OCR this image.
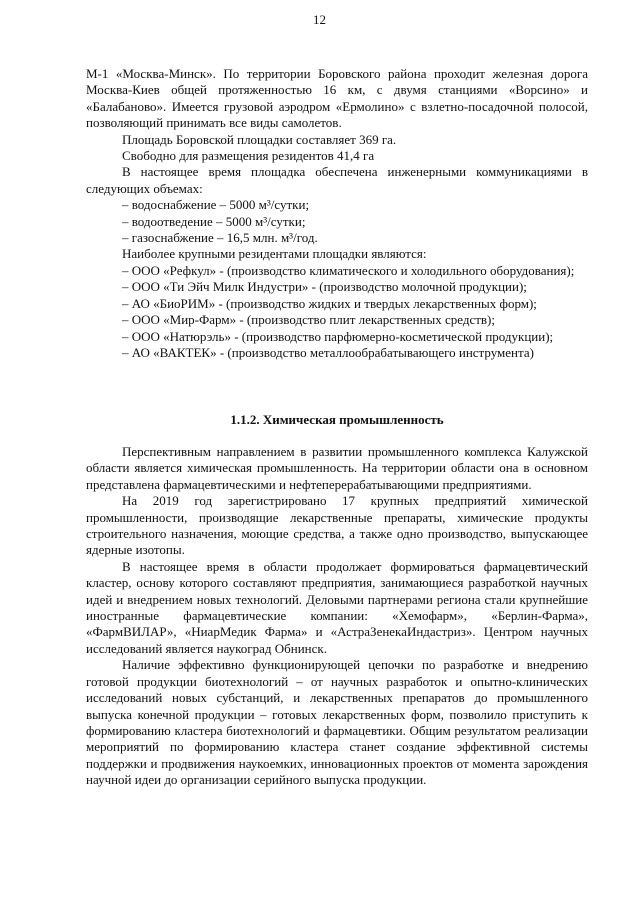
12

М-1 «Москва-Минск». По территории Боровского района проходит железная дорога Москва-Киев общей протяженностью 16 км, с двумя станциями «Ворсино» и «Балабаново». Имеется грузовой аэродром «Ермолино» с взлетно-посадочной полосой, позволяющий принимать все виды самолетов.

Площадь Боровской площадки составляет 369 га.

Свободно для размещения резидентов 41,4 га

В настоящее время площадка обеспечена инженерными коммуникациями в следующих объемах:

– водоснабжение – 5000 м³/сутки;

– водоотведение – 5000 м³/сутки;

– газоснабжение – 16,5 млн. м³/год.

Наиболее крупными резидентами площадки являются:

– ООО «Рефкул» - (производство климатического и холодильного оборудования);

– ООО «Ти Эйч Милк Индустри» - (производство молочной продукции);

– АО «БиоРИМ» - (производство жидких и твердых лекарственных форм);

– ООО «Мир-Фарм» - (производство плит лекарственных средств);

– ООО «Натюрэль» - (производство парфюмерно-косметической продукции);

– АО «ВАКТЕК» - (производство металлообрабатывающего инструмента)

1.1.2. Химическая промышленность

Перспективным направлением в развитии промышленного комплекса Калужской области является химическая промышленность. На территории области она в основном представлена фармацевтическими и нефтеперерабатывающими предприятиями.

На 2019 год зарегистрировано 17 крупных предприятий химической промышленности, производящие лекарственные препараты, химические продукты строительного назначения, моющие средства, а также одно производство, выпускающее ядерные изотопы.

В настоящее время в области продолжает формироваться фармацевтический кластер, основу которого составляют предприятия, занимающиеся разработкой научных идей и внедрением новых технологий. Деловыми партнерами региона стали крупнейшие иностранные фармацевтические компании: «Хемофарм», «Берлин-Фарма», «ФармВИЛАР», «НиарМедик Фарма» и «АстраЗенекаИндастриз». Центром научных исследований является наукоград Обнинск.

Наличие эффективно функционирующей цепочки по разработке и внедрению готовой продукции биотехнологий – от научных разработок и опытно-клинических исследований новых субстанций, и лекарственных препаратов до промышленного выпуска конечной продукции – готовых лекарственных форм, позволило приступить к формированию кластера биотехнологий и фармацевтики. Общим результатом реализации мероприятий по формированию кластера станет создание эффективной системы поддержки и продвижения наукоемких, инновационных проектов от момента зарождения научной идеи до организации серийного выпуска продукции.
